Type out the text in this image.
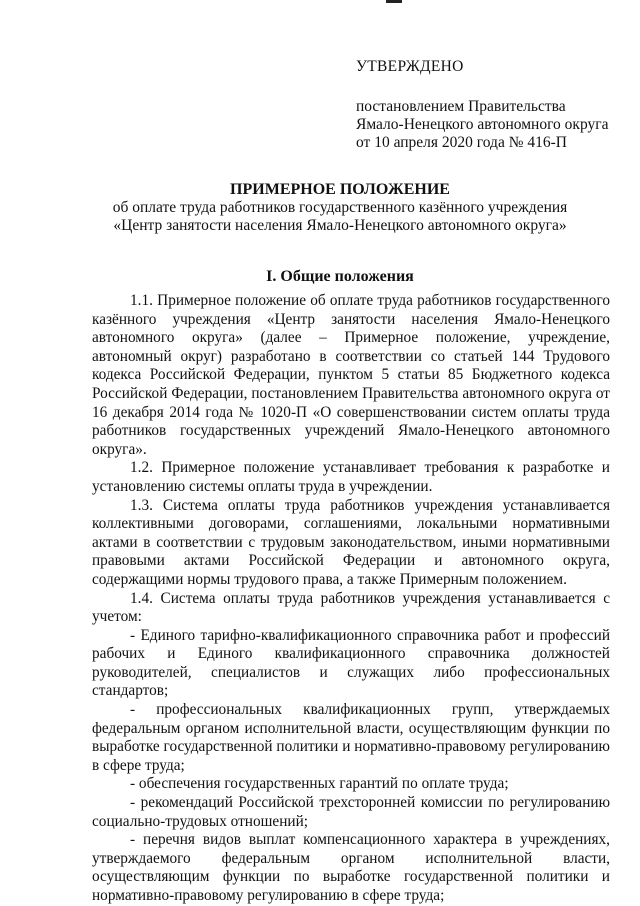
УТВЕРЖДЕНО
постановлением Правительства
Ямало-Ненецкого автономного округа
от 10 апреля 2020 года № 416-П
ПРИМЕРНОЕ ПОЛОЖЕНИЕ
об оплате труда работников государственного казённого учреждения
«Центр занятости населения Ямало-Ненецкого автономного округа»
I. Общие положения

1.1. Примерное положение об оплате труда работников государственного казённого учреждения «Центр занятости населения Ямало-Ненецкого автономного округа» (далее – Примерное положение, учреждение, автономный округ) разработано в соответствии со статьей 144 Трудового кодекса Российской Федерации, пунктом 5 статьи 85 Бюджетного кодекса Российской Федерации, постановлением Правительства автономного округа от 16 декабря 2014 года № 1020-П «О совершенствовании систем оплаты труда работников государственных учреждений Ямало-Ненецкого автономного округа».

1.2. Примерное положение устанавливает требования к разработке и установлению системы оплаты труда в учреждении.

1.3. Система оплаты труда работников учреждения устанавливается коллективными договорами, соглашениями, локальными нормативными актами в соответствии с трудовым законодательством, иными нормативными правовыми актами Российской Федерации и автономного округа, содержащими нормы трудового права, а также Примерным положением.

1.4. Система оплаты труда работников учреждения устанавливается с учетом:

- Единого тарифно-квалификационного справочника работ и профессий рабочих и Единого квалификационного справочника должностей руководителей, специалистов и служащих либо профессиональных стандартов;

- профессиональных квалификационных групп, утверждаемых федеральным органом исполнительной власти, осуществляющим функции по выработке государственной политики и нормативно-правовому регулированию в сфере труда;

- обеспечения государственных гарантий по оплате труда;

- рекомендаций Российской трехсторонней комиссии по регулированию социально-трудовых отношений;

- перечня видов выплат компенсационного характера в учреждениях, утверждаемого федеральным органом исполнительной власти, осуществляющим функции по выработке государственной политики и нормативно-правовому регулированию в сфере труда;
